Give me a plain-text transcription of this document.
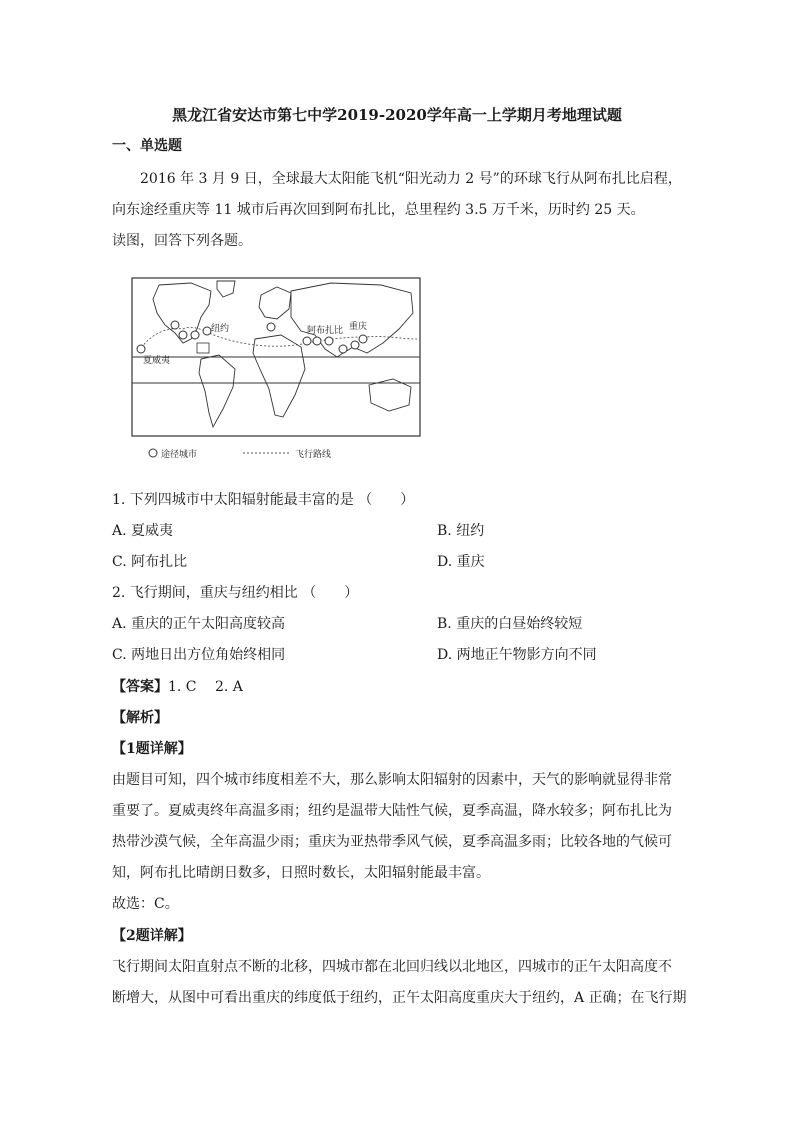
黑龙江省安达市第七中学2019-2020学年高一上学期月考地理试题
一、单选题
2016 年 3 月 9 日，全球最大太阳能飞机“阳光动力 2 号”的环球飞行从阿布扎比启程，
向东途经重庆等 11 城市后再次回到阿布扎比，总里程约 3.5 万千米，历时约 25 天。
读图，回答下列各题。
纽约
夏威夷
阿布扎比 重庆
途径城市	飞行路线
1. 下列四城市中太阳辐射能最丰富的是 （　　）
A. 夏威夷	B. 纽约
C. 阿布扎比	D. 重庆
2. 飞行期间，重庆与纽约相比 （　　）
A. 重庆的正午太阳高度较高	B. 重庆的白昼始终较短
C. 两地日出方位角始终相同	D. 两地正午物影方向不同
【答案】1. C　 2. A
【解析】
【1题详解】
由题目可知，四个城市纬度相差不大，那么影响太阳辐射的因素中，天气的影响就显得非常
重要了。夏威夷终年高温多雨；纽约是温带大陆性气候，夏季高温，降水较多；阿布扎比为
热带沙漠气候，全年高温少雨；重庆为亚热带季风气候，夏季高温多雨；比较各地的气候可
知，阿布扎比晴朗日数多，日照时数长，太阳辐射能最丰富。
故选：C。
【2题详解】
飞行期间太阳直射点不断的北移，四城市都在北回归线以北地区，四城市的正午太阳高度不
断增大，从图中可看出重庆的纬度低于纽约，正午太阳高度重庆大于纽约，A 正确；在飞行期
